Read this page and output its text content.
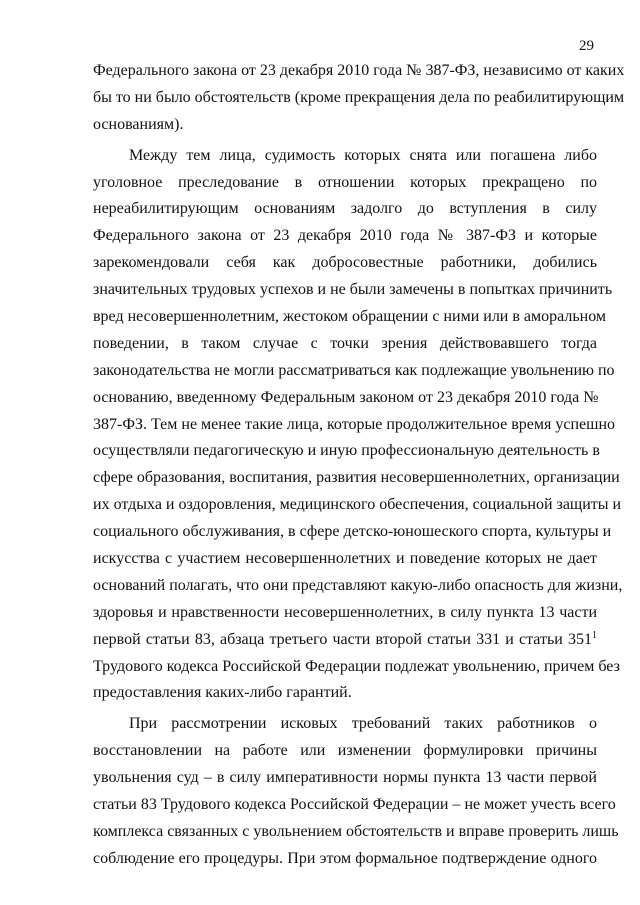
29
Федерального закона от 23 декабря 2010 года № 387-ФЗ, независимо от каких
бы то ни было обстоятельств (кроме прекращения дела по реабилитирующим
основаниям).
Между тем лица, судимость которых снята или погашена либо
уголовное преследование в отношении которых прекращено по
нереабилитирующим основаниям задолго до вступления в силу
Федерального закона от 23 декабря 2010 года № 387-ФЗ и которые
зарекомендовали себя как добросовестные работники, добились
значительных трудовых успехов и не были замечены в попытках причинить
вред несовершеннолетним, жестоком обращении с ними или в аморальном
поведении, в таком случае с точки зрения действовавшего тогда
законодательства не могли рассматриваться как подлежащие увольнению по
основанию, введенному Федеральным законом от 23 декабря 2010 года №
387-ФЗ. Тем не менее такие лица, которые продолжительное время успешно
осуществляли педагогическую и иную профессиональную деятельность в
сфере образования, воспитания, развития несовершеннолетних, организации
их отдыха и оздоровления, медицинского обеспечения, социальной защиты и
социального обслуживания, в сфере детско-юношеского спорта, культуры и
искусства с участием несовершеннолетних и поведение которых не дает
оснований полагать, что они представляют какую-либо опасность для жизни,
здоровья и нравственности несовершеннолетних, в силу пункта 13 части
первой статьи 83, абзаца третьего части второй статьи 331 и статьи $351^1$
Трудового кодекса Российской Федерации подлежат увольнению, причем без
предоставления каких-либо гарантий.
При рассмотрении исковых требований таких работников о
восстановлении на работе или изменении формулировки причины
увольнения суд – в силу императивности нормы пункта 13 части первой
статьи 83 Трудового кодекса Российской Федерации – не может учесть всего
комплекса связанных с увольнением обстоятельств и вправе проверить лишь
соблюдение его процедуры. При этом формальное подтверждение одного
